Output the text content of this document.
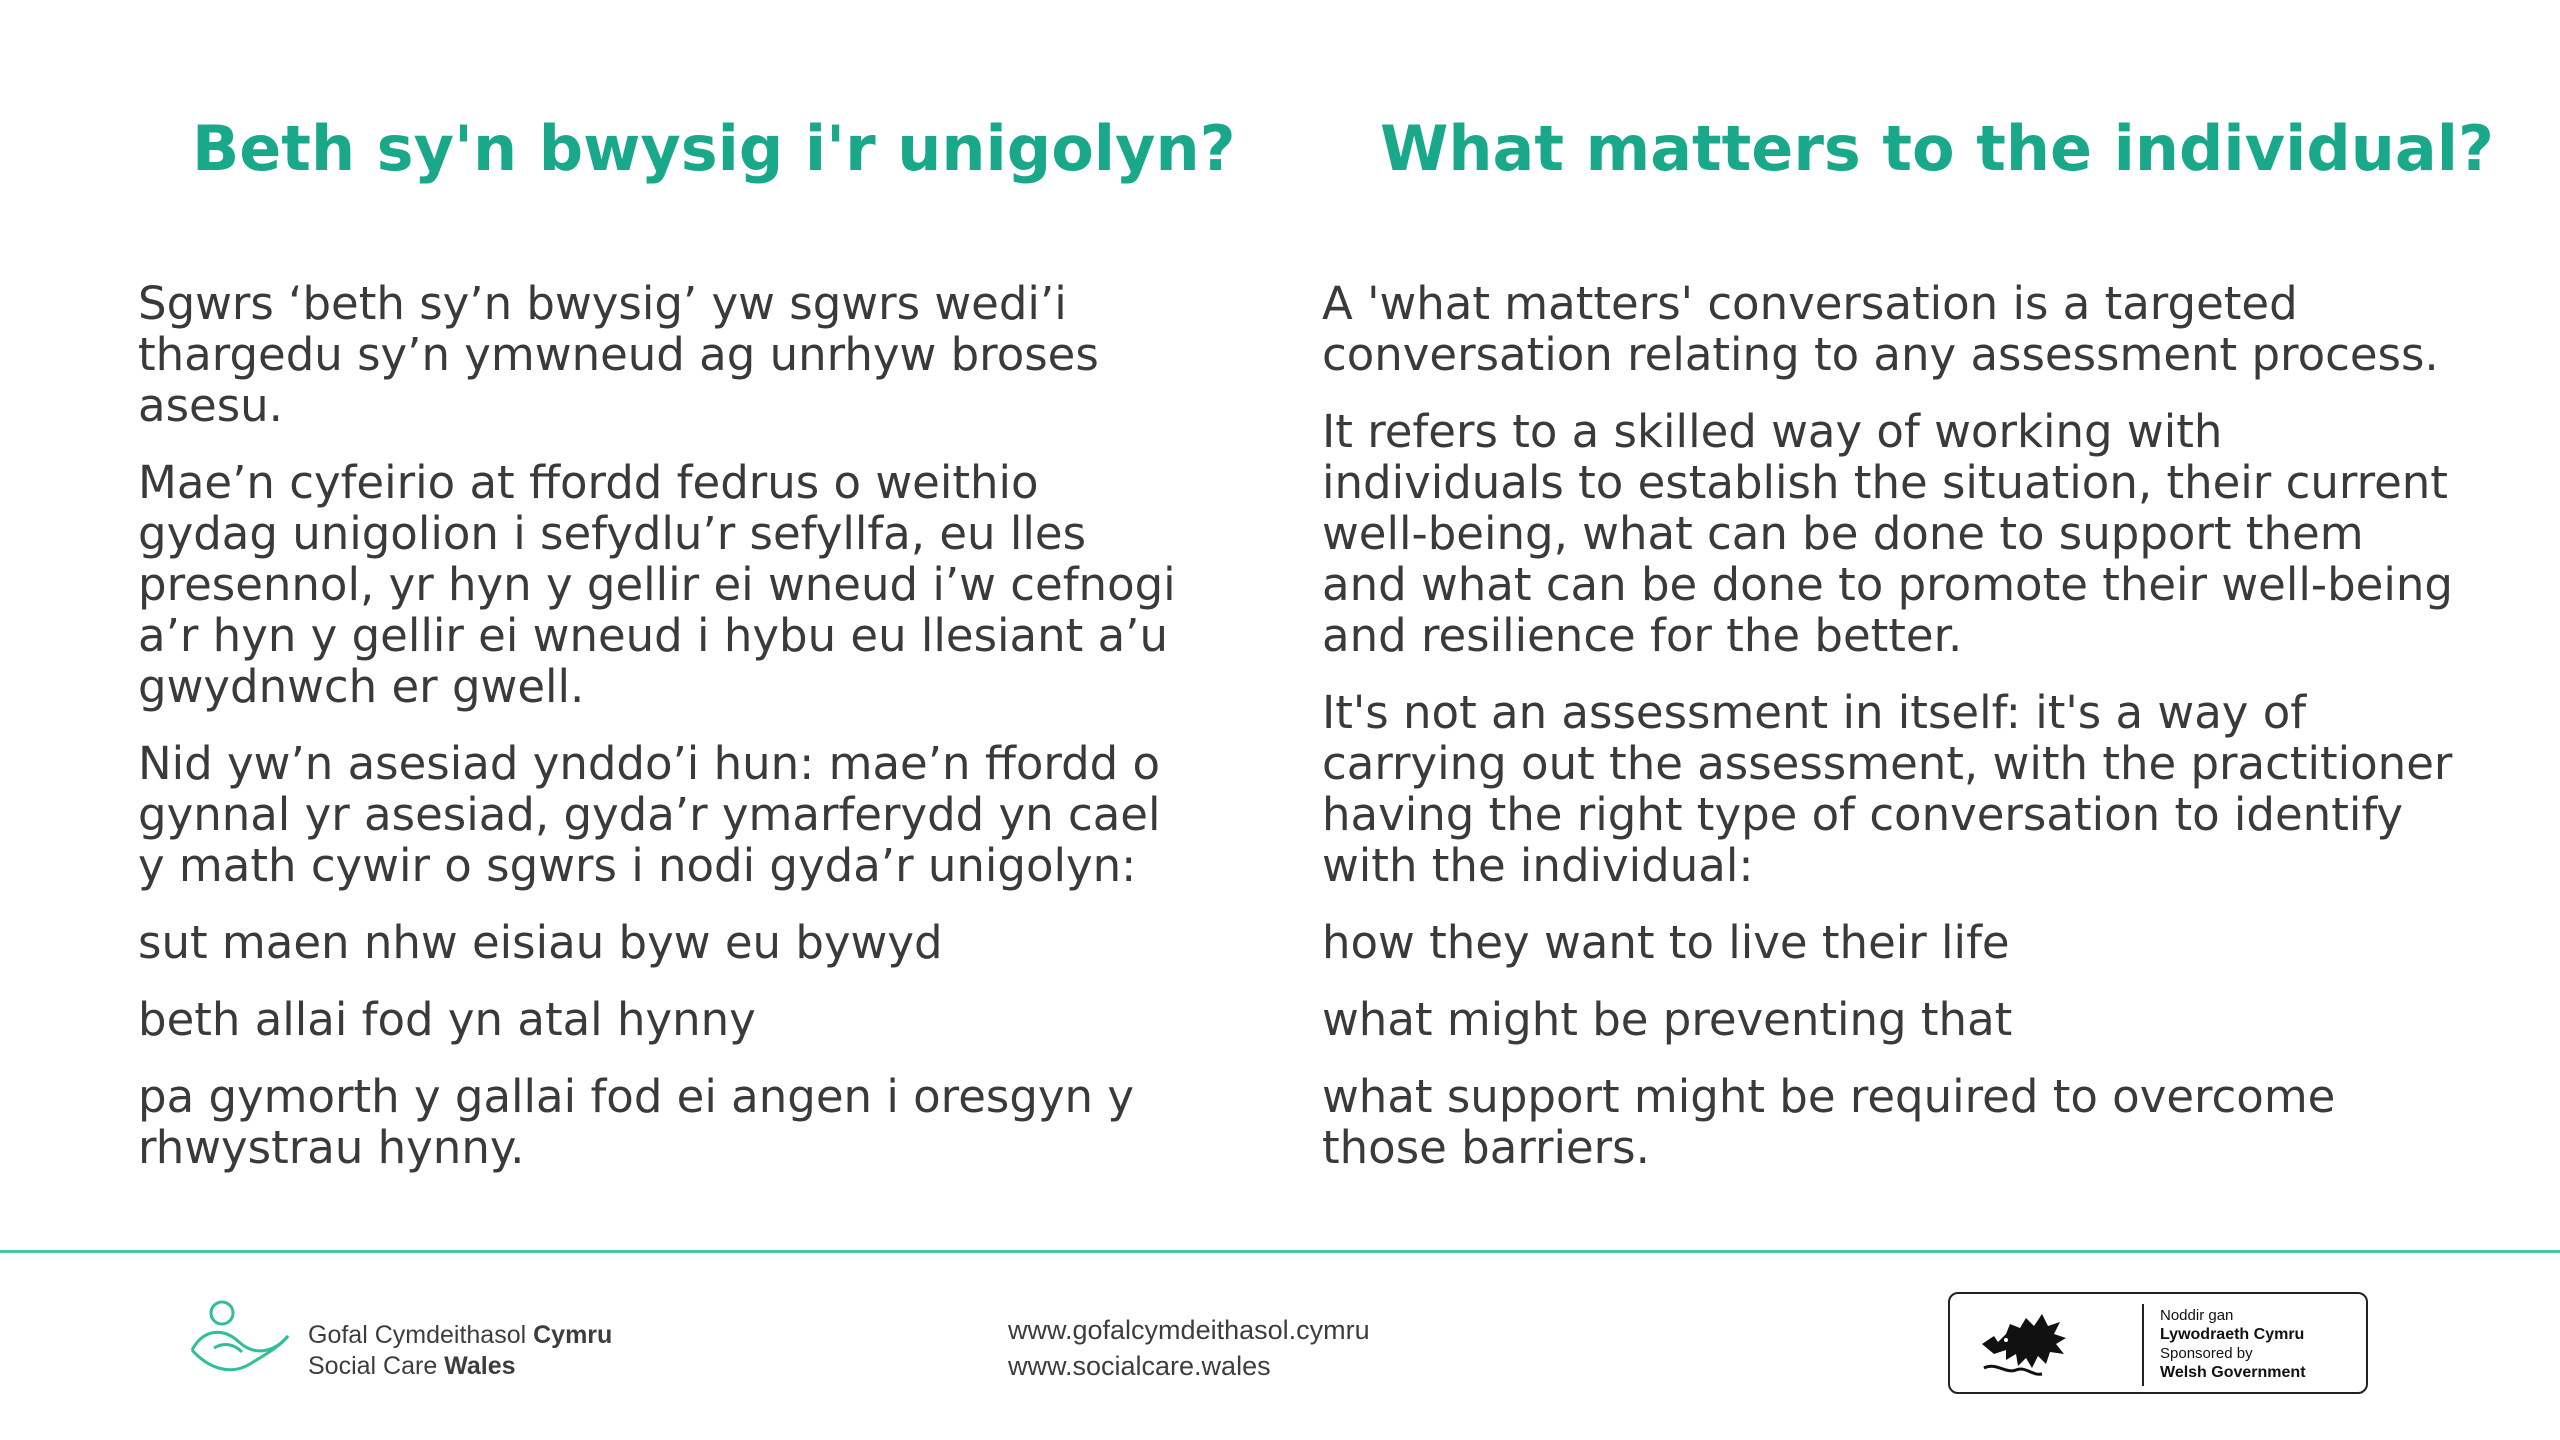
Beth sy'n bwysig i'r unigolyn? What matters to the individual?

Sgwrs ‘beth sy’n bwysig’ yw sgwrs wedi’i thargedu sy’n ymwneud ag unrhyw broses asesu.

Mae’n cyfeirio at ffordd fedrus o weithio gydag unigolion i sefydlu’r sefyllfa, eu lles presennol, yr hyn y gellir ei wneud i’w cefnogi a’r hyn y gellir ei wneud i hybu eu llesiant a’u gwydnwch er gwell.

Nid yw’n asesiad ynddo’i hun: mae’n ffordd o gynnal yr asesiad, gyda’r ymarferydd yn cael y math cywir o sgwrs i nodi gyda’r unigolyn:

sut maen nhw eisiau byw eu bywyd

beth allai fod yn atal hynny

pa gymorth y gallai fod ei angen i oresgyn y rhwystrau hynny.

A 'what matters' conversation is a targeted conversation relating to any assessment process.

It refers to a skilled way of working with individuals to establish the situation, their current well-being, what can be done to support them and what can be done to promote their well-being and resilience for the better.

It's not an assessment in itself: it's a way of carrying out the assessment, with the practitioner having the right type of conversation to identify with the individual:

how they want to live their life

what might be preventing that

what support might be required to overcome those barriers.

Gofal Cymdeithasol Cymru
Social Care Wales
www.gofalcymdeithasol.cymru
www.socialcare.wales
Noddir gan
Lywodraeth Cymru
Sponsored by
Welsh Government
